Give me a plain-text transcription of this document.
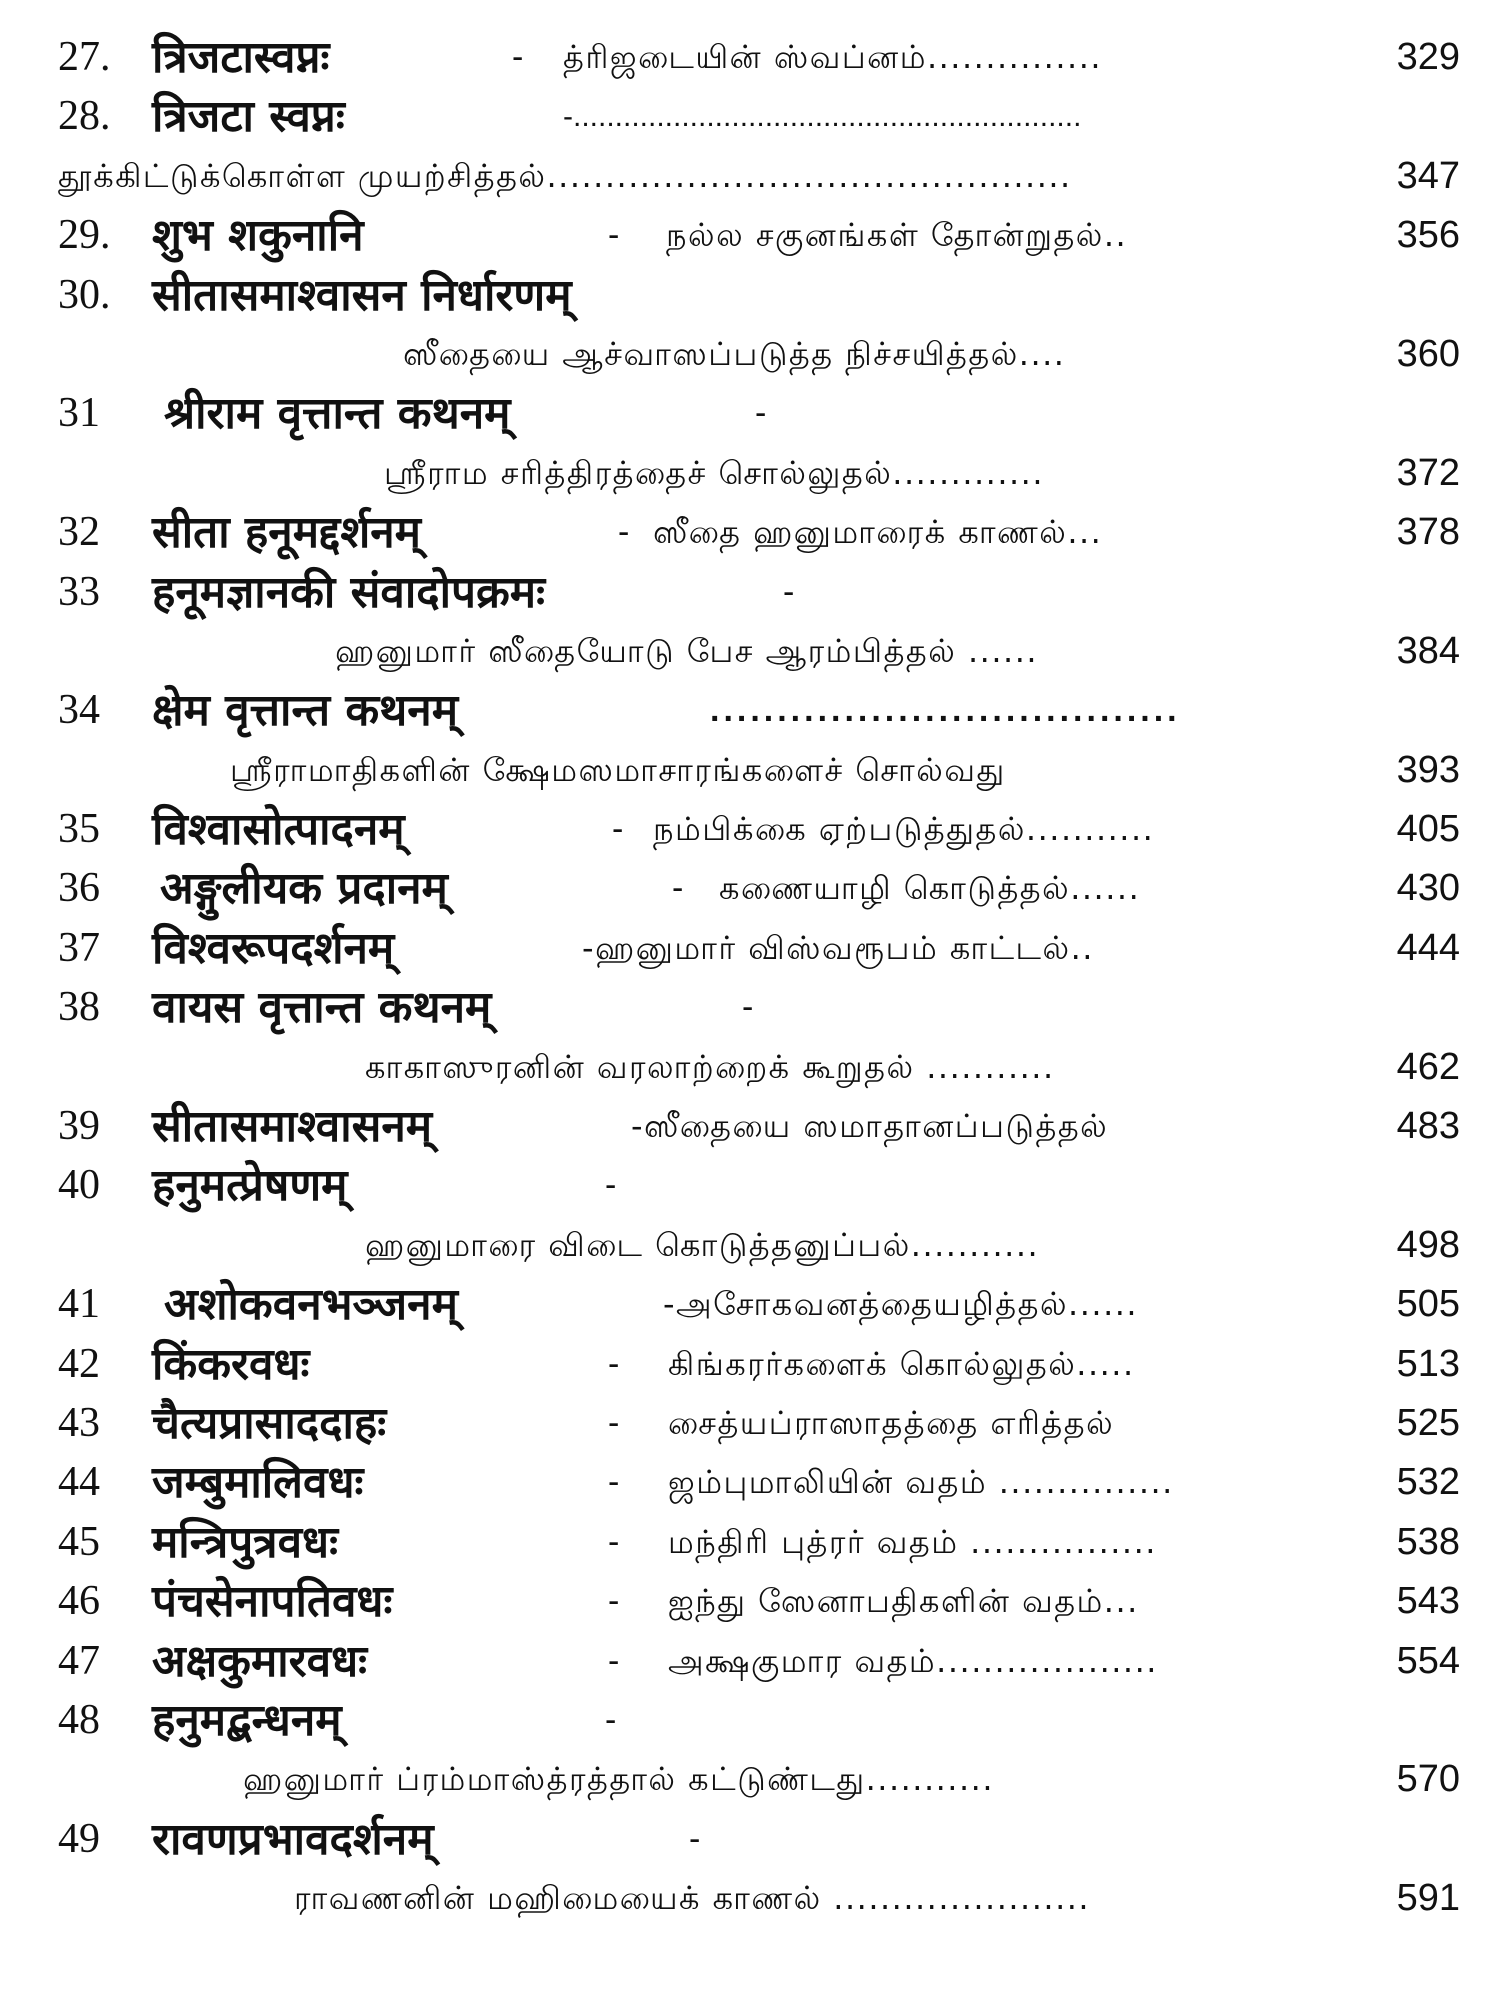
27. त्रिजटास्वप्नः	- த்ரிஜடையின் ஸ்வப்னம்...............	329
28. त्रिजटा स्वप्नः	-.............................................................
தூக்கிட்டுக்கொள்ள முயற்சித்தல்.............................................	347
29. शुभ शकुनानि	- நல்ல சகுனங்கள் தோன்றுதல்..	356
30. सीतासमाश्वासन निर्धारणम्
ஸீதையை ஆச்வாஸப்படுத்த நிச்சயித்தல்....	360
31 श्रीराम वृत्तान्त कथनम्	-
ஸ்ரீராம சரித்திரத்தைச் சொல்லுதல்.............	372
32 सीता हनूमद्दर्शनम्	- ஸீதை ஹனுமாரைக் காணல்...	378
33 हनूमज्ञानकी संवादोपक्रमः	-
ஹனுமார் ஸீதையோடு பேச ஆரம்பித்தல் ......	384
34 क्षेम वृत्तान्त कथनम्	...................................
ஸ்ரீராமாதிகளின் க்ஷேமஸமாசாரங்களைச் சொல்வது	393
35 विश्वासोत्पादनम्	- நம்பிக்கை ஏற்படுத்துதல்...........	405
36 अङ्गुलीयक प्रदानम्	- கணையாழி கொடுத்தல்......	430
37 विश्वरूपदर्शनम्	-ஹனுமார் விஸ்வரூபம் காட்டல்..	444
38 वायस वृत्तान्त कथनम्	-
காகாஸுரனின் வரலாற்றைக் கூறுதல் ...........	462
39 सीतासमाश्वासनम्	-ஸீதையை ஸமாதானப்படுத்தல்	483
40 हनुमत्प्रेषणम्	-
ஹனுமாரை விடை கொடுத்தனுப்பல்...........	498
41 अशोकवनभञ्जनम्	-அசோகவனத்தையழித்தல்......	505
42 किंकरवधः	- கிங்கரர்களைக் கொல்லுதல்.....	513
43 चैत्यप्रासाददाहः	- சைத்யப்ராஸாதத்தை எரித்தல்	525
44 जम्बुमालिवधः	- ஜம்புமாலியின் வதம் ...............	532
45 मन्त्रिपुत्रवधः	- மந்திரி புத்ரர் வதம் ................	538
46 पंचसेनापतिवधः	- ஐந்து ஸேனாபதிகளின் வதம்...	543
47 अक्षकुमारवधः	- அக்ஷகுமார வதம்...................	554
48 हनुमद्बन्धनम्	-
ஹனுமார் ப்ரம்மாஸ்த்ரத்தால் கட்டுண்டது...........	570
49 रावणप्रभावदर्शनम्	-
ராவணனின் மஹிமையைக் காணல் ......................	591
